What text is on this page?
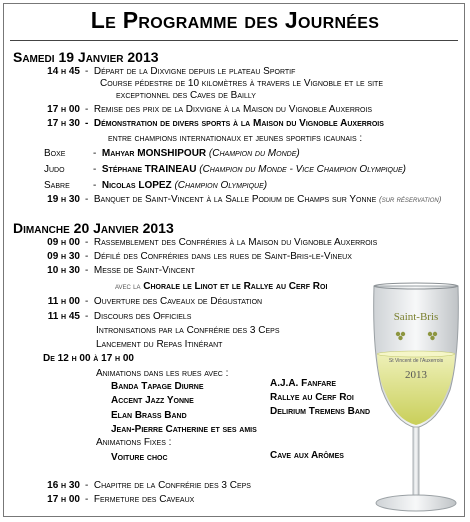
Le Programme des Journées
Samedi 19 Janvier 2013
14 h 45 -  Départ de la Dixvigne depuis le plateau Sportif
Course pédestre de 10 kilomètres à travers le Vignoble et le site
exceptionnel des Caves de Bailly
17 h 00 -  Remise des prix de la Dixvigne à la Maison du Vignoble Auxerrois
17 h 30 -  Démonstration de divers sports à la Maison du Vignoble Auxerrois
entre champions internationaux et jeunes sportifs icaunais :
Boxe	-  Mahyar MONSHIPOUR (Champion du Monde)
Judo	-  Stéphane TRAINEAU (Champion du Monde - Vice Champion Olympique)
Sabre -  Nicolas LOPEZ (Champion Olympique)
19 h 30 -  Banquet de Saint-Vincent à la Salle Podium de Champs sur Yonne (sur réservation)
Dimanche 20 Janvier 2013
09 h 00 -  Rassemblement des Confréries à la Maison du Vignoble Auxerrois
09 h 30 -  Défilé des Confréries dans les rues de Saint-Bris-le-Vineux
10 h 30 -  Messe de Saint-Vincent
avec la Chorale le Linot et le Rallye au Cerf Roi
11 h 00 -  Ouverture des Caveaux de Dégustation
11 h 45 -  Discours des Officiels
Intronisations par la Confrérie des 3 Ceps
Lancement du Repas Itinérant
De 12 h 00 à 17 h 00
Animations dans les rues avec :
Banda Tapage Diurne
Accent Jazz Yonne
Elan Brass Band
Jean-Pierre Catherine et ses amis
A.J.A. Fanfare
Rallye au Cerf Roi
Delirium Tremens Band
Animations Fixes :
Voiture choc	Cave aux Arômes
16 h 30 -  Chapitre de la Confrérie des 3 Ceps
17 h 00 -  Fermeture des Caveaux
Saint-Bris
St Vincent de l'Auxerrois
2013
